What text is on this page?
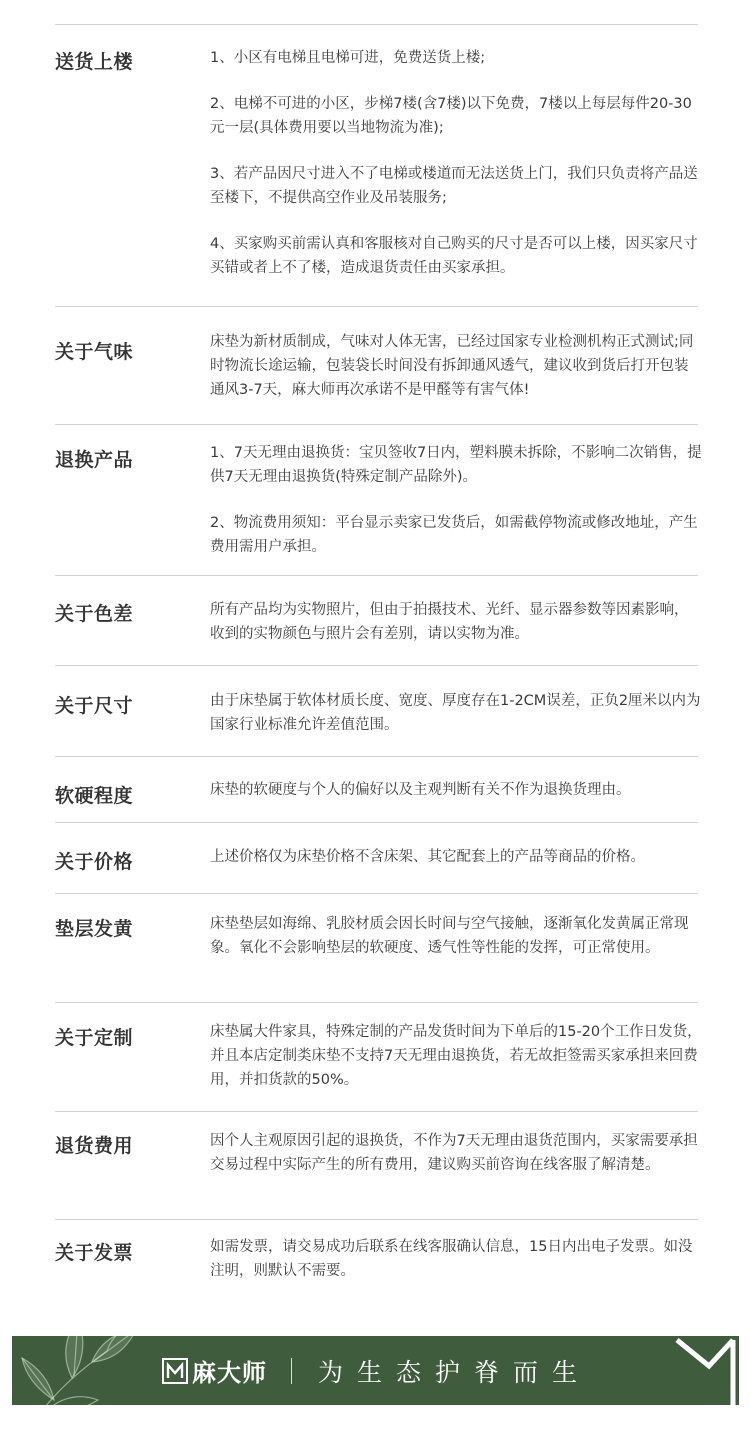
送货上楼	1、小区有电梯且电梯可进，免费送货上楼;

2、电梯不可进的小区，步梯7楼(含7楼)以下免费，7楼以上每层每件20-30元一层(具体费用要以当地物流为准);

3、若产品因尺寸进入不了电梯或楼道而无法送货上门，我们只负责将产品送至楼下，不提供高空作业及吊装服务;

4、买家购买前需认真和客服核对自己购买的尺寸是否可以上楼，因买家尺寸买错或者上不了楼，造成退货责任由买家承担。

关于气味	床垫为新材质制成，气味对人体无害，已经过国家专业检测机构正式测试;同时物流长途运输，包装袋长时间没有拆卸通风透气，建议收到货后打开包装通风3-7天，麻大师再次承诺不是甲醛等有害气体!

退换产品	1、7天无理由退换货：宝贝签收7日内，塑料膜未拆除，不影响二次销售，提供7天无理由退换货(特殊定制产品除外)。

2、物流费用须知：平台显示卖家已发货后，如需截停物流或修改地址，产生费用需用户承担。

关于色差	所有产品均为实物照片，但由于拍摄技术、光纤、显示器参数等因素影响，收到的实物颜色与照片会有差别，请以实物为准。

关于尺寸	由于床垫属于软体材质长度、宽度、厚度存在1-2CM误差，正负2厘米以内为国家行业标准允许差值范围。

软硬程度	床垫的软硬度与个人的偏好以及主观判断有关不作为退换货理由。

关于价格	上述价格仅为床垫价格不含床架、其它配套上的产品等商品的价格。

垫层发黄	床垫垫层如海绵、乳胶材质会因长时间与空气接触，逐渐氧化发黄属正常现象。氧化不会影响垫层的软硬度、透气性等性能的发挥，可正常使用。

关于定制	床垫属大件家具，特殊定制的产品发货时间为下单后的15-20个工作日发货，并且本店定制类床垫不支持7天无理由退换货，若无故拒签需买家承担来回费用，并扣货款的50%。

退货费用	因个人主观原因引起的退换货，不作为7天无理由退货范围内，买家需要承担交易过程中实际产生的所有费用，建议购买前咨询在线客服了解清楚。

关于发票	如需发票，请交易成功后联系在线客服确认信息，15日内出电子发票。如没注明，则默认不需要。

麻大师 为生态护脊而生
